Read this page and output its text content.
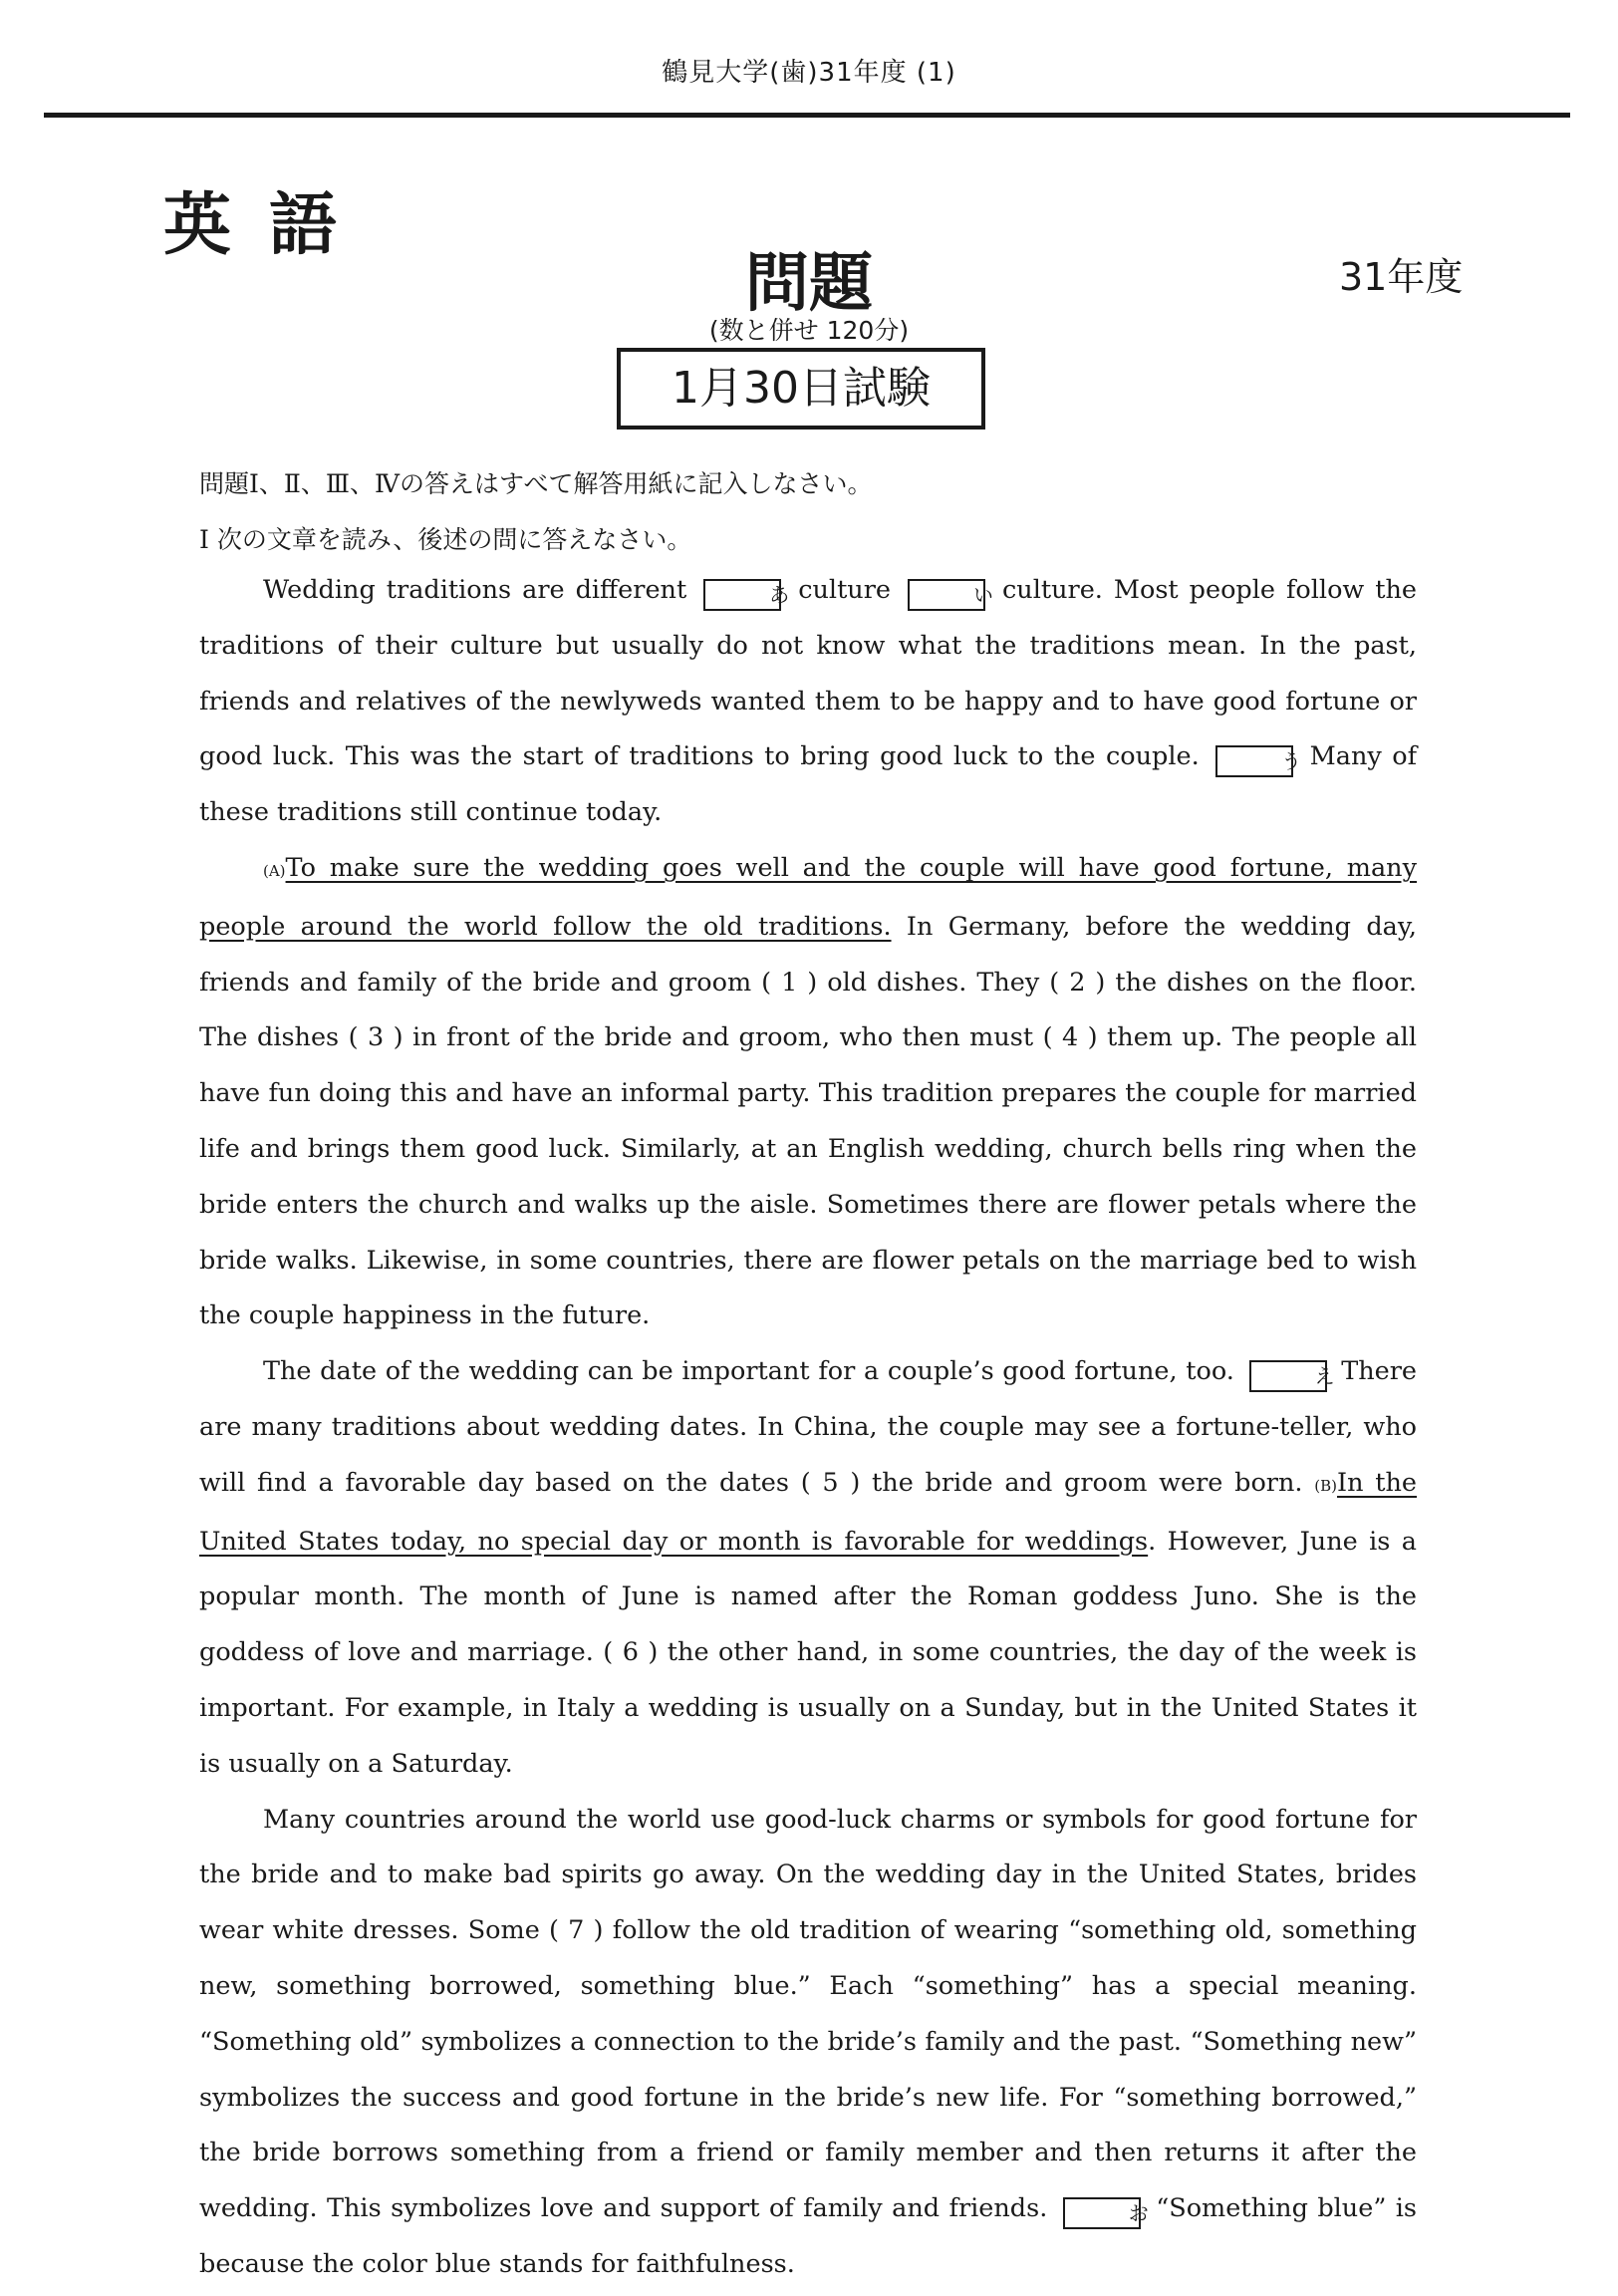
鶴見大学(歯)31年度 (1)
英語
問題	31年度
(数と併せ 120分)
1月30日試験
問題Ⅰ、Ⅱ、Ⅲ、Ⅳの答えはすべて解答用紙に記入しなさい。
Ⅰ 次の文章を読み、後述の問に答えなさい。

Wedding traditions are different	あ culture	い culture. Most people follow the traditions of their culture but usually do not know what the traditions mean. In the past, friends and relatives of the newlyweds wanted them to be happy and to have good fortune or good luck. This was the start of traditions to bring good luck to the couple.	う Many of these traditions still continue today.

(A)To make sure the wedding goes well and the couple will have good fortune, many people around the world follow the old traditions. In Germany, before the wedding day, friends and family of the bride and groom ( 1 ) old dishes. They ( 2 ) the dishes on the floor. The dishes ( 3 ) in front of the bride and groom, who then must ( 4 ) them up. The people all have fun doing this and have an informal party. This tradition prepares the couple for married life and brings them good luck. Similarly, at an English wedding, church bells ring when the bride enters the church and walks up the aisle. Sometimes there are flower petals where the bride walks. Likewise, in some countries, there are flower petals on the marriage bed to wish the couple happiness in the future.

The date of the wedding can be important for a couple’s good fortune, too.	え There are many traditions about wedding dates. In China, the couple may see a fortune-teller, who will find a favorable day based on the dates ( 5 ) the bride and groom were born. (B)In the United States today, no special day or month is favorable for weddings. However, June is a popular month. The month of June is named after the Roman goddess Juno. She is the goddess of love and marriage. ( 6 ) the other hand, in some countries, the day of the week is important. For example, in Italy a wedding is usually on a Sunday, but in the United States it is usually on a Saturday.

Many countries around the world use good-luck charms or symbols for good fortune for the bride and to make bad spirits go away. On the wedding day in the United States, brides wear white dresses. Some ( 7 ) follow the old tradition of wearing “something old, something new, something borrowed, something blue.” Each “something” has a special meaning. “Something old” symbolizes a connection to the bride’s family and the past. “Something new” symbolizes the success and good fortune in the bride’s new life. For “something borrowed,” the bride borrows something from a friend or family member and then returns it after the wedding. This symbolizes love and support of family and friends.	お “Something blue” is because the color blue stands for faithfulness.
